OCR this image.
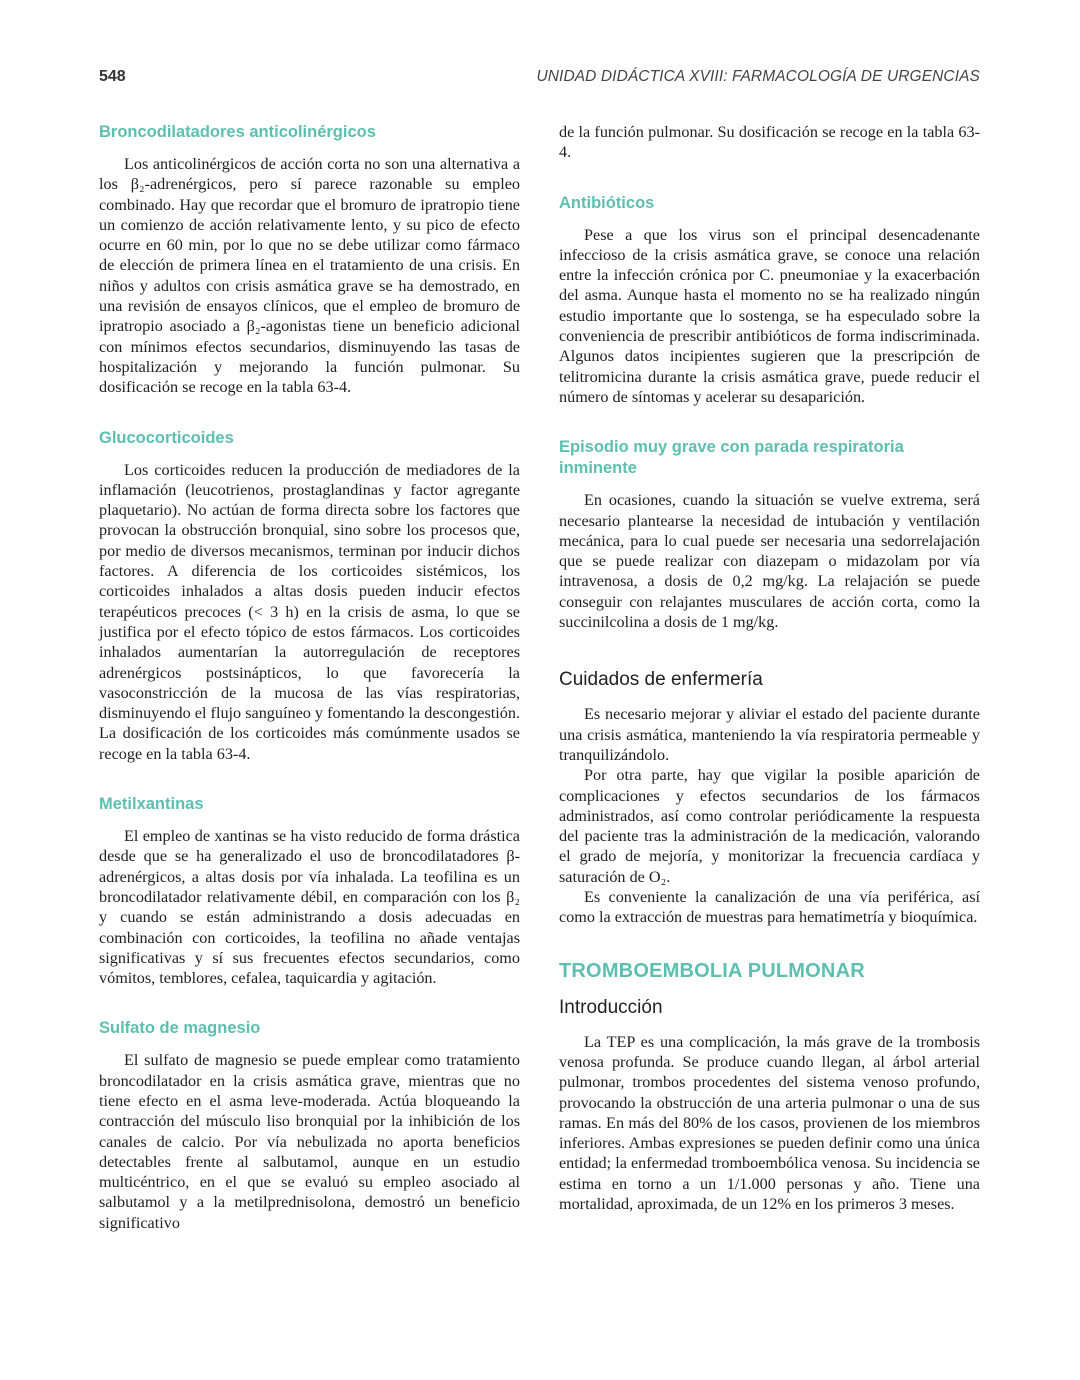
548	UNIDAD DIDÁCTICA XVIII: FARMACOLOGÍA DE URGENCIAS
Broncodilatadores anticolinérgicos

Los anticolinérgicos de acción corta no son una alternativa a los β₂-adrenérgicos, pero sí parece razonable su empleo combinado. Hay que recordar que el bromuro de ipratropio tiene un comienzo de acción relativamente lento, y su pico de efecto ocurre en 60 min, por lo que no se debe utilizar como fármaco de elección de primera línea en el tratamiento de una crisis. En niños y adultos con crisis asmática grave se ha demostrado, en una revisión de ensayos clínicos, que el empleo de bromuro de ipratropio asociado a β₂-agonistas tiene un beneficio adicional con mínimos efectos secundarios, disminuyendo las tasas de hospitalización y mejorando la función pulmonar. Su dosificación se recoge en la tabla 63-4.

Glucocorticoides

Los corticoides reducen la producción de mediadores de la inflamación (leucotrienos, prostaglandinas y factor agregante plaquetario). No actúan de forma directa sobre los factores que provocan la obstrucción bronquial, sino sobre los procesos que, por medio de diversos mecanismos, terminan por inducir dichos factores. A diferencia de los corticoides sistémicos, los corticoides inhalados a altas dosis pueden inducir efectos terapéuticos precoces (< 3 h) en la crisis de asma, lo que se justifica por el efecto tópico de estos fármacos. Los corticoides inhalados aumentarían la autorregulación de receptores adrenérgicos postsinápticos, lo que favorecería la vasoconstricción de la mucosa de las vías respiratorias, disminuyendo el flujo sanguíneo y fomentando la descongestión. La dosificación de los corticoides más comúnmente usados se recoge en la tabla 63-4.

Metilxantinas

El empleo de xantinas se ha visto reducido de forma drástica desde que se ha generalizado el uso de broncodilatadores β-adrenérgicos, a altas dosis por vía inhalada. La teofilina es un broncodilatador relativamente débil, en comparación con los β₂ y cuando se están administrando a dosis adecuadas en combinación con corticoides, la teofilina no añade ventajas significativas y sí sus frecuentes efectos secundarios, como vómitos, temblores, cefalea, taquicardia y agitación.

Sulfato de magnesio

El sulfato de magnesio se puede emplear como tratamiento broncodilatador en la crisis asmática grave, mientras que no tiene efecto en el asma leve-moderada. Actúa bloqueando la contracción del músculo liso bronquial por la inhibición de los canales de calcio. Por vía nebulizada no aporta beneficios detectables frente al salbutamol, aunque en un estudio multicéntrico, en el que se evaluó su empleo asociado al salbutamol y a la metilprednisolona, demostró un beneficio significativo

de la función pulmonar. Su dosificación se recoge en la tabla 63-4.

Antibióticos

Pese a que los virus son el principal desencadenante infeccioso de la crisis asmática grave, se conoce una relación entre la infección crónica por C. pneumoniae y la exacerbación del asma. Aunque hasta el momento no se ha realizado ningún estudio importante que lo sostenga, se ha especulado sobre la conveniencia de prescribir antibióticos de forma indiscriminada. Algunos datos incipientes sugieren que la prescripción de telitromicina durante la crisis asmática grave, puede reducir el número de síntomas y acelerar su desaparición.

Episodio muy grave con parada respiratoria inminente

En ocasiones, cuando la situación se vuelve extrema, será necesario plantearse la necesidad de intubación y ventilación mecánica, para lo cual puede ser necesaria una sedorrelajación que se puede realizar con diazepam o midazolam por vía intravenosa, a dosis de 0,2 mg/kg. La relajación se puede conseguir con relajantes musculares de acción corta, como la succinilcolina a dosis de 1 mg/kg.

Cuidados de enfermería

Es necesario mejorar y aliviar el estado del paciente durante una crisis asmática, manteniendo la vía respiratoria permeable y tranquilizándolo.

Por otra parte, hay que vigilar la posible aparición de complicaciones y efectos secundarios de los fármacos administrados, así como controlar periódicamente la respuesta del paciente tras la administración de la medicación, valorando el grado de mejoría, y monitorizar la frecuencia cardíaca y saturación de O₂.

Es conveniente la canalización de una vía periférica, así como la extracción de muestras para hematimetría y bioquímica.

TROMBOEMBOLIA PULMONAR
Introducción

La TEP es una complicación, la más grave de la trombosis venosa profunda. Se produce cuando llegan, al árbol arterial pulmonar, trombos procedentes del sistema venoso profundo, provocando la obstrucción de una arteria pulmonar o una de sus ramas. En más del 80% de los casos, provienen de los miembros inferiores. Ambas expresiones se pueden definir como una única entidad; la enfermedad tromboembólica venosa. Su incidencia se estima en torno a un 1/1.000 personas y año. Tiene una mortalidad, aproximada, de un 12% en los primeros 3 meses.
